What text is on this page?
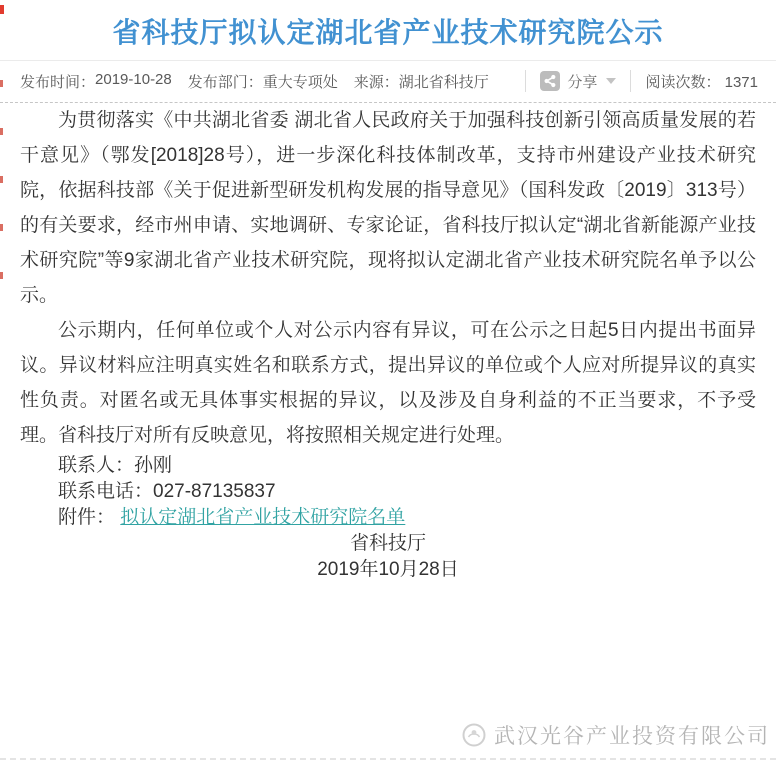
省科技厅拟认定湖北省产业技术研究院公示
发布时间： 2019-10-28 发布部门： 重大专项处 来源： 湖北省科技厅	分享	阅读次数： 1371

为贯彻落实《中共湖北省委 湖北省人民政府关于加强科技创新引领高质量发展的若干意见》（鄂发[2018]28号），进一步深化科技体制改革，支持市州建设产业技术研究院，依据科技部《关于促进新型研发机构发展的指导意见》（国科发政〔2019〕313号）的有关要求，经市州申请、实地调研、专家论证，省科技厅拟认定“湖北省新能源产业技术研究院”等9家湖北省产业技术研究院，现将拟认定湖北省产业技术研究院名单予以公示。

公示期内，任何单位或个人对公示内容有异议，可在公示之日起5日内提出书面异议。异议材料应注明真实姓名和联系方式，提出异议的单位或个人应对所提异议的真实性负责。对匿名或无具体事实根据的异议，以及涉及自身利益的不正当要求，不予受理。省科技厅对所有反映意见，将按照相关规定进行处理。

联系人：孙刚

联系电话：027-87135837

附件： 拟认定湖北省产业技术研究院名单

省科技厅

2019年10月28日

武汉光谷产业投资有限公司
